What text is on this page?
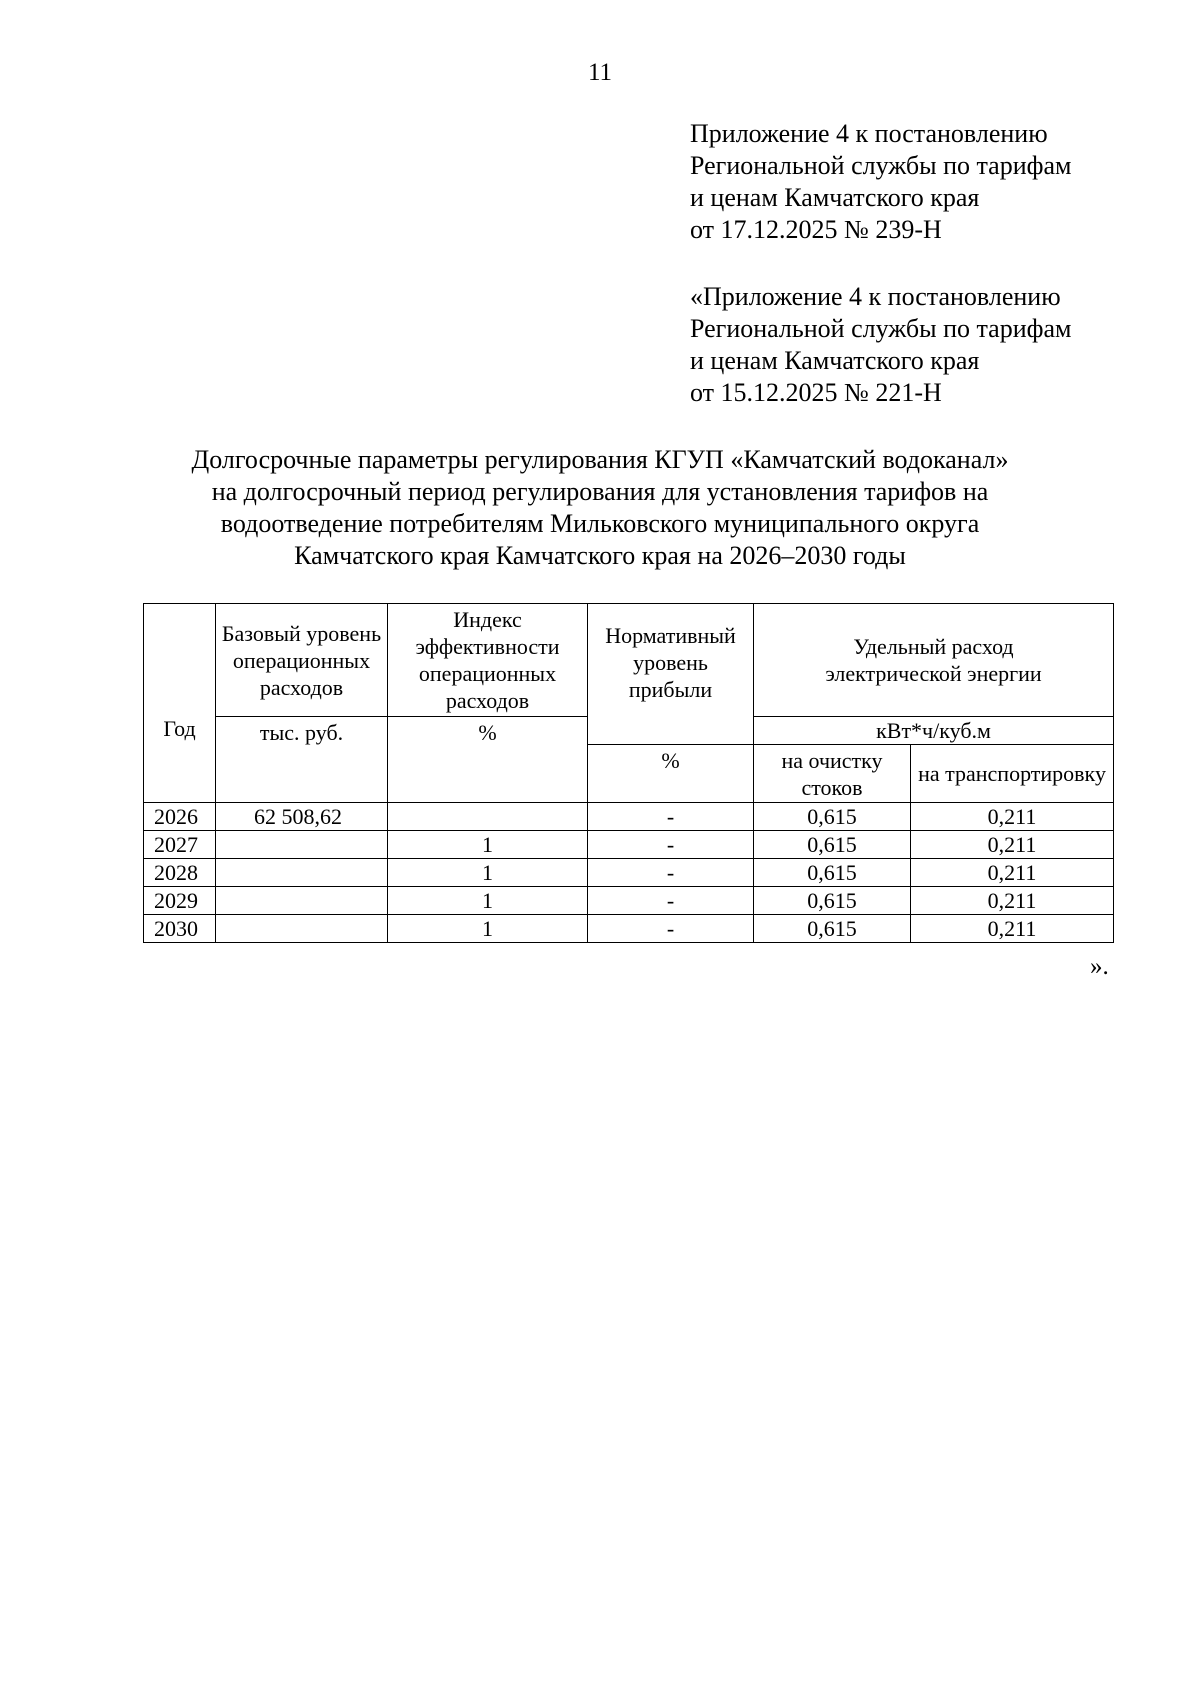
11
Приложение 4 к постановлению
Региональной службы по тарифам
и ценам Камчатского края
от 17.12.2025 № 239-Н
«Приложение 4 к постановлению
Региональной службы по тарифам
и ценам Камчатского края
от 15.12.2025 № 221-Н
Долгосрочные параметры регулирования КГУП «Камчатский водоканал»
на долгосрочный период регулирования для установления тарифов на
водоотведение потребителям Мильковского муниципального округа
Камчатского края Камчатского края на 2026–2030 годы
Год	Базовый уровень операционных расходов	Индекс эффективности операционных расходов	Нормативный уровень прибыли	Удельный расход электрической энергии	
	тыс. руб.	%		кВт*ч/куб.м	
			%	на очистку стоков	на транспортировку
2026	62 508,62		-	0,615	0,211
2027		1	-	0,615	0,211
2028		1	-	0,615	0,211
2029		1	-	0,615	0,211
2030		1	-	0,615	0,211
».
